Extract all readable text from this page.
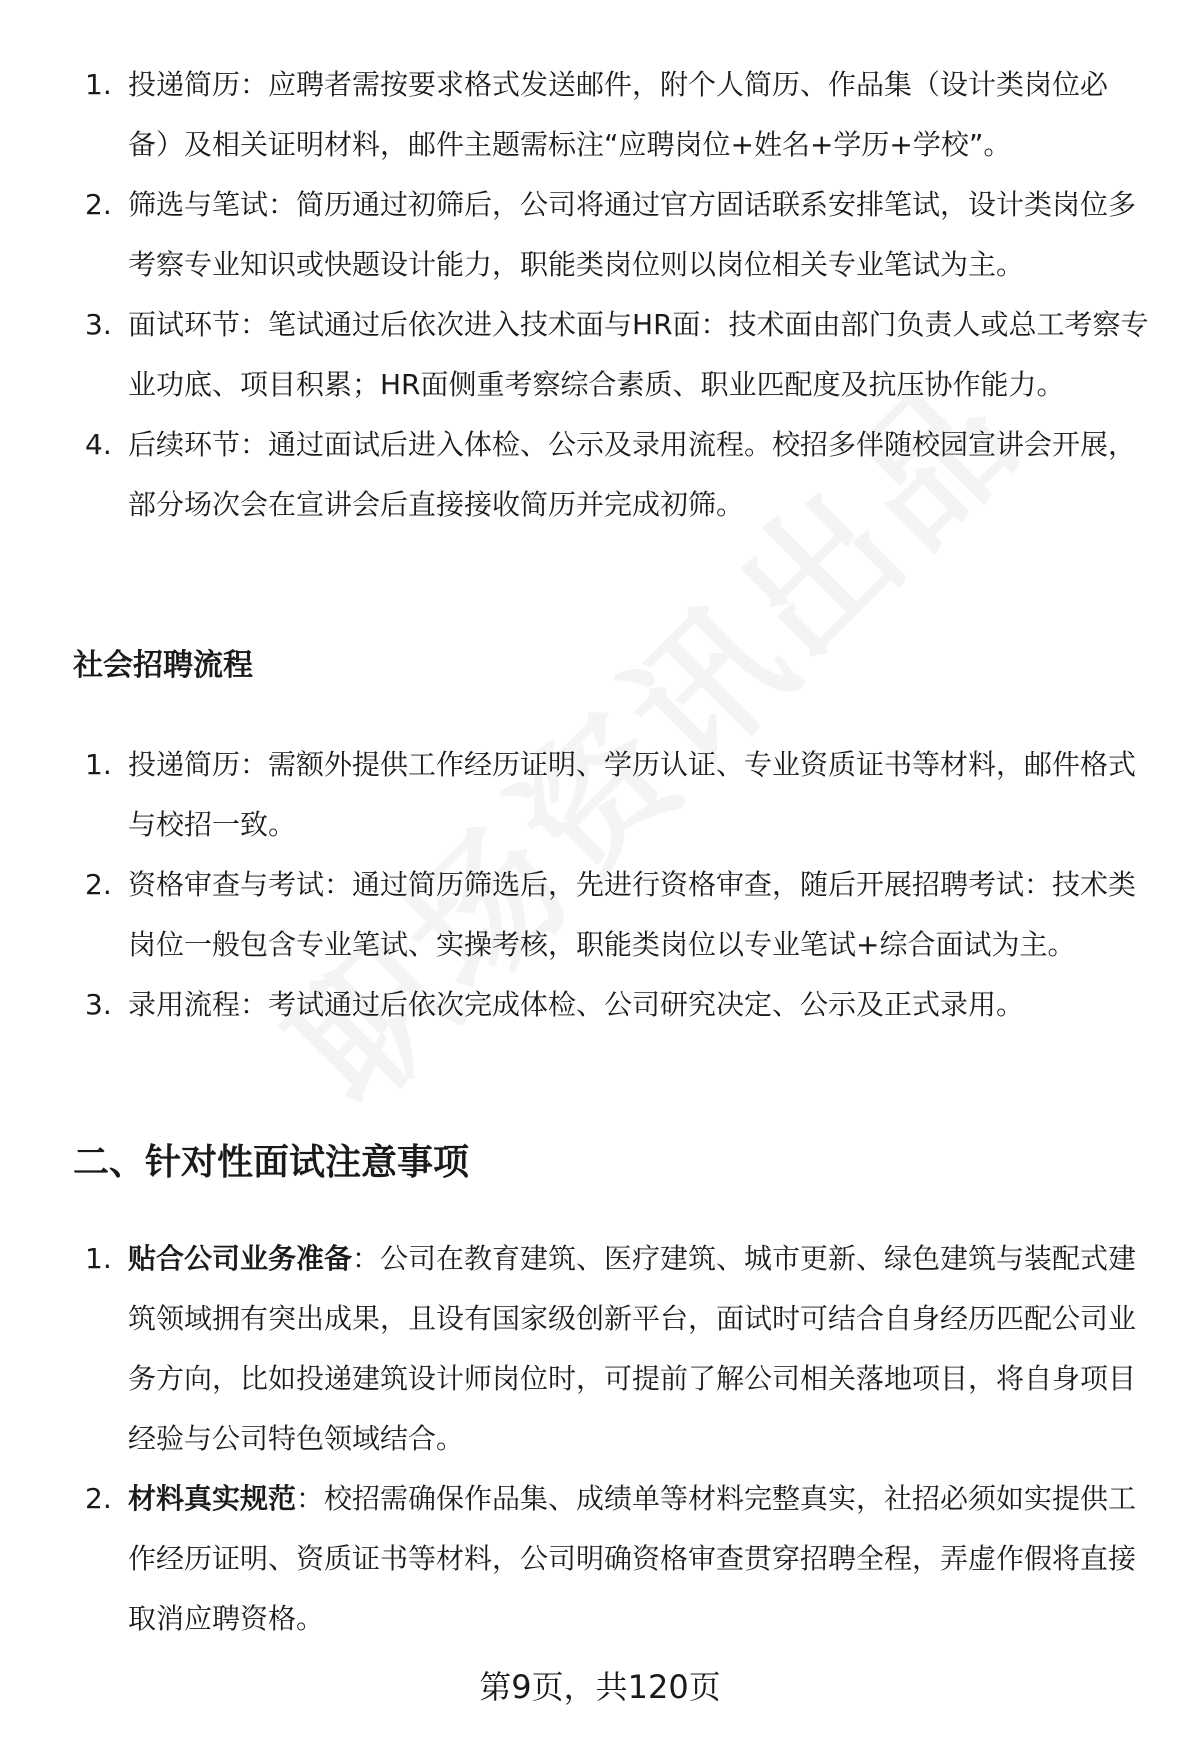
1. 投递简历：应聘者需按要求格式发送邮件，附个人简历、作品集（设计类岗位必备）及相关证明材料，邮件主题需标注“应聘岗位+姓名+学历+学校”。
2. 筛选与笔试：简历通过初筛后，公司将通过官方固话联系安排笔试，设计类岗位多考察专业知识或快题设计能力，职能类岗位则以岗位相关专业笔试为主。
3. 面试环节：笔试通过后依次进入技术面与HR面：技术面由部门负责人或总工考察专业功底、项目积累；HR面侧重考察综合素质、职业匹配度及抗压协作能力。
4. 后续环节：通过面试后进入体检、公示及录用流程。校招多伴随校园宣讲会开展，部分场次会在宣讲会后直接接收简历并完成初筛。
社会招聘流程
1. 投递简历：需额外提供工作经历证明、学历认证、专业资质证书等材料，邮件格式与校招一致。
2. 资格审查与考试：通过简历筛选后，先进行资格审查，随后开展招聘考试：技术类岗位一般包含专业笔试、实操考核，职能类岗位以专业笔试+综合面试为主。
3. 录用流程：考试通过后依次完成体检、公司研究决定、公示及正式录用。
二、针对性面试注意事项
1. 贴合公司业务准备：公司在教育建筑、医疗建筑、城市更新、绿色建筑与装配式建筑领域拥有突出成果，且设有国家级创新平台，面试时可结合自身经历匹配公司业务方向，比如投递建筑设计师岗位时，可提前了解公司相关落地项目，将自身项目经验与公司特色领域结合。
2. 材料真实规范：校招需确保作品集、成绩单等材料完整真实，社招必须如实提供工作经历证明、资质证书等材料，公司明确资格审查贯穿招聘全程，弄虚作假将直接取消应聘资格。
第9页，共120页
